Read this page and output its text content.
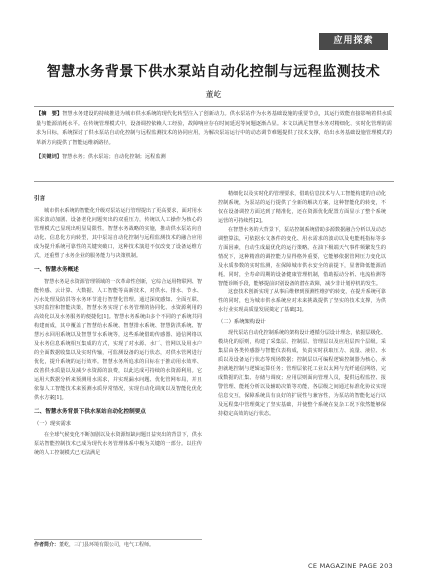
应用探索
智慧水务背景下供水泵站自动化控制与远程监测技术
董屹
【摘　要】智慧水务建设的持续推进为城市供水系统的现代化转型注入了创新动力。供水泵站作为水务基础设施的重要节点，其运行效能直接影响着供水质量与能源消耗水平。在传统管理模式中，设备调控依赖人工经验，故障响应存在时间延迟等问题逐渐凸显。本文以满足智慧水务对精细化、实时化管理的需求为目标，系统探讨了供水泵站自动化控制与远程监测技术的协同应用，为解决泵站运行中的动态调节难题提供了技术支撑，给出水务基础设施管理模式的革新方向提供了智能运维新路径。
【关键词】智慧水务；供水泵站；自动化控制；远程监测
引言

城市供水系统的智能化升级对泵站运行管理提出了更高要求，面对用水需求波动加剧、设备老化问题突出的双重压力，传统以人工操作为核心的管理模式已显现出明显局限性。智慧水务战略的实施，推动供水泵站向自动化、信息化方向转型，其中泵站自动化控制与远程监测技术的融合应用成为提升系统可靠性的关键突破口，这种技术演进不仅改变了设备运维方式，还重塑了水务企业的服务能力与决策机制。

一、智慧水务概述

智慧水务是水资源管理领域的一次革命性创新，它综合运用物联网、智能传感、云计算、大数据、人工智能等高新技术，对供水、排水、节水、污水处理及防洪等水务环节进行智慧化管理。通过深度感知、全面互联、实时监控和智能决策，智慧水务实现了水务管理的协同化、水资源利用的高效化以及水务服务的便捷化[1]。智慧水务系统由多个不同的子系统共同构建而成，其中覆盖了智慧给水系统、智慧排水系统、智慧防洪系统、智慧污水回用系统以及智慧节水系统等，这些系统借助传感器、通信网络以及水务信息系统相互集成的方式，实现了对水源、水厂、管网以及用水户的全面数据收集以及实时传输，可监测设备的运行状态，对供水管网进行优化，提升系统的运行效率。智慧水务所追求的目标在于推动用水效率、改善供水质量以及减少水资源的浪费，以此达成可持续的水资源利用。它运用大数据分析来预测用水需求，并实现漏水问题、优化管网布局，并且依靠人工智能技术来预测水质异常情况，实现自动化调度以及智能化优化供水方案[1]。

二、智慧水务背景下供水泵站自动化控制要点
（一）现实需求

在全球气候变化不断加剧以及水资源短缺问题日益突出的背景下，供水泵站智能控制技术已成为现代水务管理体系中极为关键的一部分。以往传统的人工控制模式已无法满足

精细化以及实时化的管理要求，借助信息技术与人工智能构建的自动化控制系统，为泵站的运行提供了全新的解决方案，这种智能化的转变，不仅在设备调控方面达到了精准化，还在资源优化配置方面显示了整个系统运营的可持续性[2]。

在智慧水务的大背景下，泵站控制系统借助多源数据融合分析以及动态调整算法，可依据水文条件的变化、用水需求的波动以及电能耗指标等多方面因素，自动生成最优化的运行策略。在油下极端天气事件频繁发生的情况下，这种精准的调控能力显得格外重要，它能够依据管网压力变化以及水质参数的实时监测，在保障城市供水安全的前提下，显著降低能源消耗。同时，全寿命周期的设备健康管理机制，借助振动分析、电流检测等智能诊断手段，能够提前识别设备的潜在故障，减少非计划停机的发生。

这套技术创新实现了从事后维修到预测性维护的转变，在提升系统可靠性的同时，也为城市供水系统应对未来挑战提供了坚实的技术支撑，为供水行业实现高质量发展奠定了基础[3]。

（二）系统架构设计

现代泵站自动化控制系统的架构设计遵循分层设计理念，依据层级化、模块化的原则，构建了采集层、控制层、管理层以及应用层四个层级。采集层由各类传感器与智能仪表构成，负责实时获取压力、流量、液位、水质以及设备运行状态等现场数据；控制层以可编程逻辑控制器为核心，承担就地控制与逻辑运算任务；管理层依托工业以太网与光纤通信网络，完成数据的汇集、存储与调度；应用层则面向管理人员，提供远程监控、报警管理、能耗分析以及辅助决策等功能，各层级之间通过标准化协议实现信息交互，保障系统具有良好的扩展性与兼容性，为泵站的智能化运行以及远程集中管理奠定了坚实基础，并使整个系统在复杂工况下依然能够保持稳定高效的运行状态。

作者简介：董屹，三门县环境有限公司，电气工程师。
CE MAGAZINE PAGE 203
